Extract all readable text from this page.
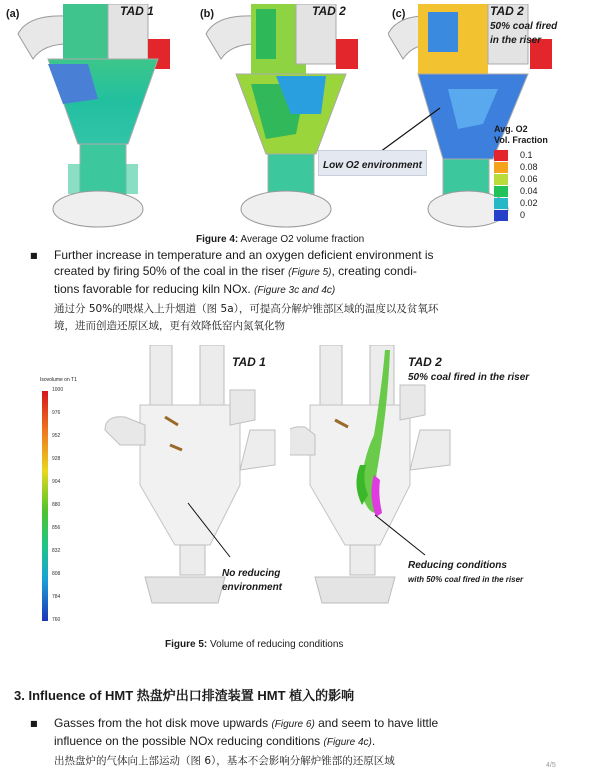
(a)	TAD 1	(b)	TAD 2	(c)	TAD 2
50% coal fired in the riser
Low O2 environment
Avg. O2
Vol. Fraction
0.1
0.08
0.06
0.04
0.02
0
Figure 4: Average O2 volume fraction
■ Further increase in temperature and an oxygen deficient environment is
created by firing 50% of the coal in the riser (Figure 5), creating condi-
tions favorable for reducing kiln NOx. (Figure 3c and 4c)
通过分 50%的喂煤入上升烟道（图 5a），可提高分解炉锥部区域的温度以及贫氧环
境，进而创造还原区域，更有效降低窑内氮氧化物
Isovolume on T1
1000
976
952
928
904
880
856
832
808
784
760
TAD 1	TAD 2
50% coal fired in the riser
No reducing
environment
Reducing conditions
with 50% coal fired in the riser
Figure 5: Volume of reducing conditions
3. Influence of HMT 热盘炉出口排渣装置 HMT 植入的影响
■ Gasses from the hot disk move upwards (Figure 6) and seem to have little
influence on the possible NOx reducing conditions (Figure 4c).
出热盘炉的气体向上部运动（图 6），基本不会影响分解炉锥部的还原区域	4/5
